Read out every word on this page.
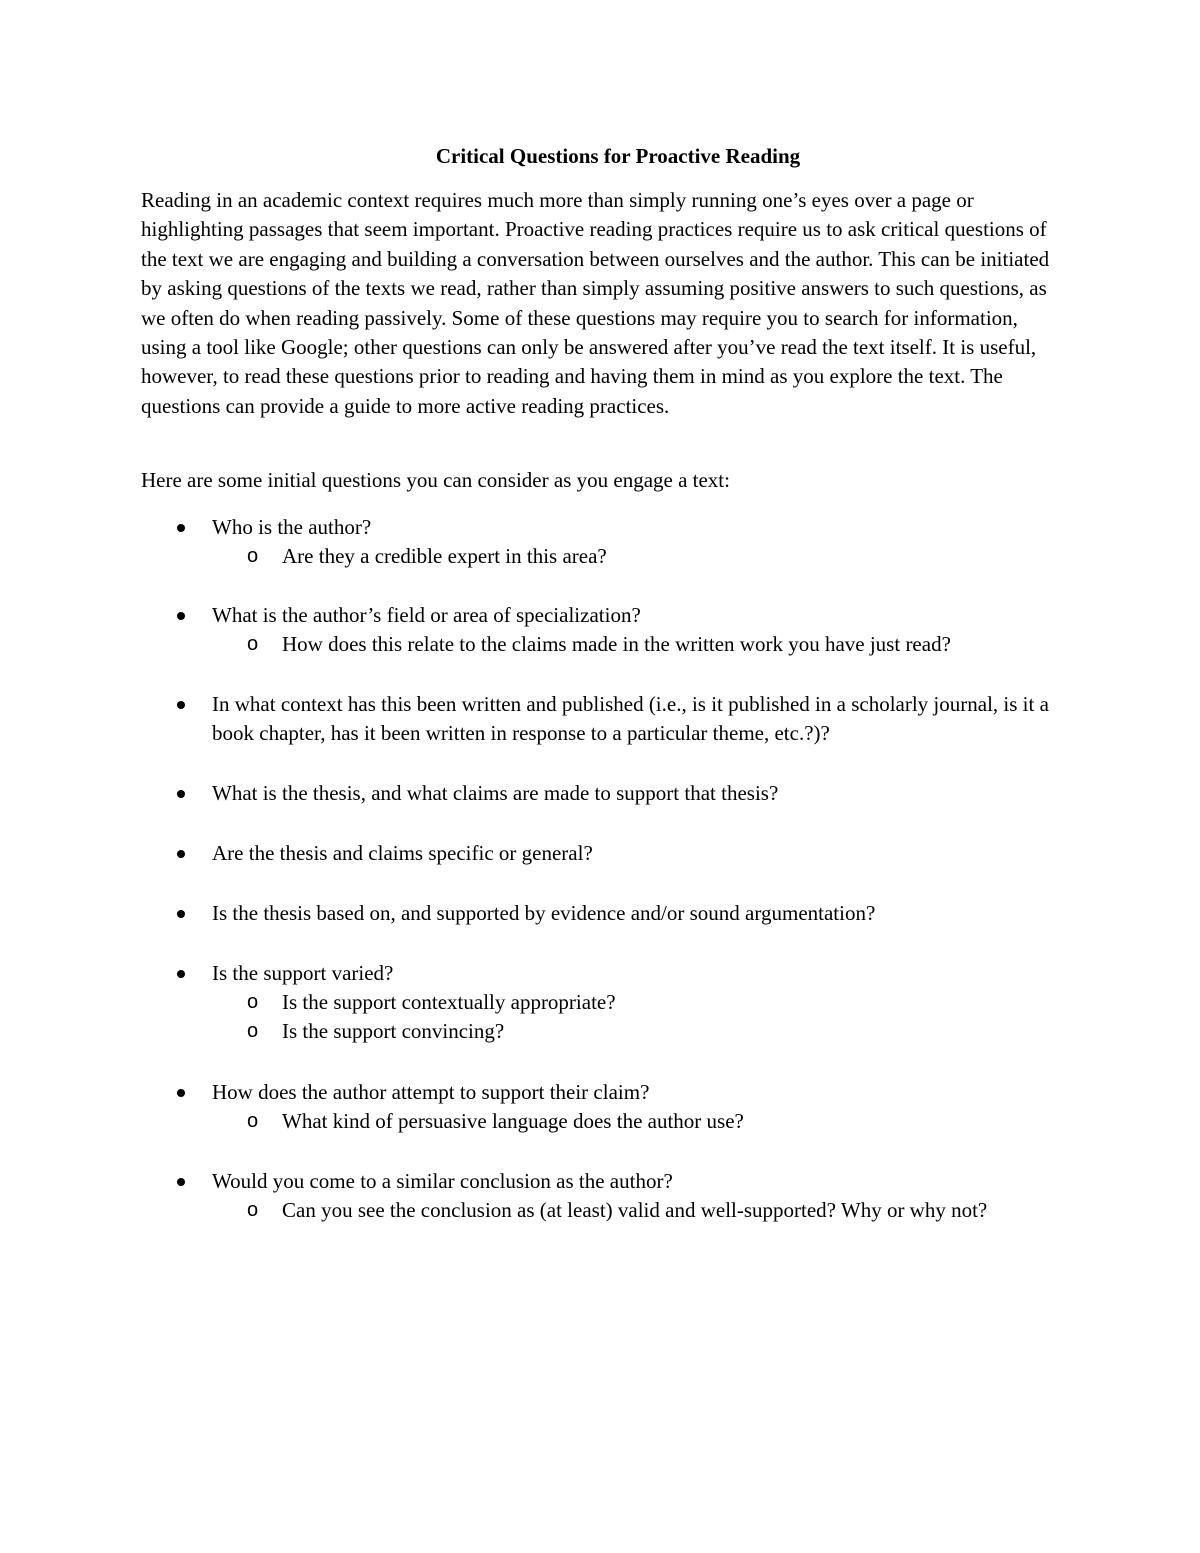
Critical Questions for Proactive Reading

Reading in an academic context requires much more than simply running one’s eyes over a page or highlighting passages that seem important. Proactive reading practices require us to ask critical questions of the text we are engaging and building a conversation between ourselves and the author. This can be initiated by asking questions of the texts we read, rather than simply assuming positive answers to such questions, as we often do when reading passively. Some of these questions may require you to search for information, using a tool like Google; other questions can only be answered after you’ve read the text itself. It is useful, however, to read these questions prior to reading and having them in mind as you explore the text. The questions can provide a guide to more active reading practices.

Here are some initial questions you can consider as you engage a text:

Who is the author?
o Are they a credible expert in this area?
What is the author’s field or area of specialization?
o How does this relate to the claims made in the written work you have just read?
In what context has this been written and published (i.e., is it published in a scholarly journal, is it a book chapter, has it been written in response to a particular theme, etc.?)?
What is the thesis, and what claims are made to support that thesis?
Are the thesis and claims specific or general?
Is the thesis based on, and supported by evidence and/or sound argumentation?
Is the support varied?
o Is the support contextually appropriate?
o Is the support convincing?
How does the author attempt to support their claim?
o What kind of persuasive language does the author use?
Would you come to a similar conclusion as the author?
o Can you see the conclusion as (at least) valid and well-supported? Why or why not?
